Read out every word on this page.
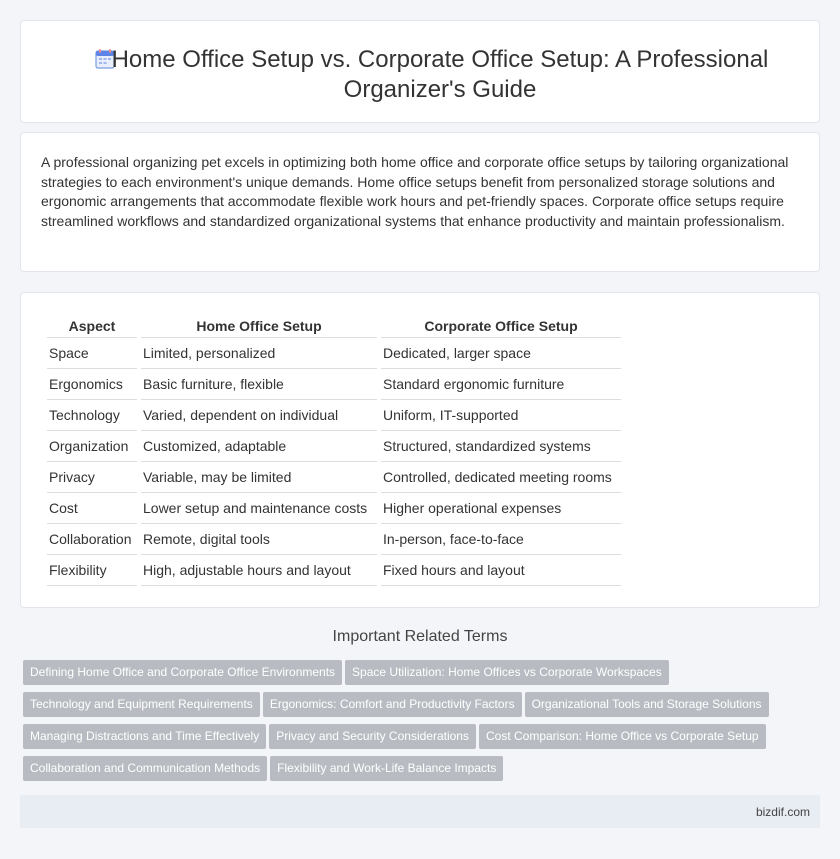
Home Office Setup vs. Corporate Office Setup: A Professional Organizer's Guide

A professional organizing pet excels in optimizing both home office and corporate office setups by tailoring organizational strategies to each environment's unique demands. Home office setups benefit from personalized storage solutions and ergonomic arrangements that accommodate flexible work hours and pet-friendly spaces. Corporate office setups require streamlined workflows and standardized organizational systems that enhance productivity and maintain professionalism.

Aspect	Home Office Setup	Corporate Office Setup
Space	Limited, personalized	Dedicated, larger space
Ergonomics	Basic furniture, flexible	Standard ergonomic furniture
Technology	Varied, dependent on individual	Uniform, IT-supported
Organization	Customized, adaptable	Structured, standardized systems
Privacy	Variable, may be limited	Controlled, dedicated meeting rooms
Cost	Lower setup and maintenance costs	Higher operational expenses
Collaboration	Remote, digital tools	In-person, face-to-face
Flexibility	High, adjustable hours and layout	Fixed hours and layout
Important Related Terms
Defining Home Office and Corporate Office Environments Space Utilization: Home Offices vs Corporate Workspaces
Technology and Equipment Requirements Ergonomics: Comfort and Productivity Factors Organizational Tools and Storage Solutions
Managing Distractions and Time Effectively Privacy and Security Considerations Cost Comparison: Home Office vs Corporate Setup
Collaboration and Communication Methods Flexibility and Work-Life Balance Impacts
bizdif.com
